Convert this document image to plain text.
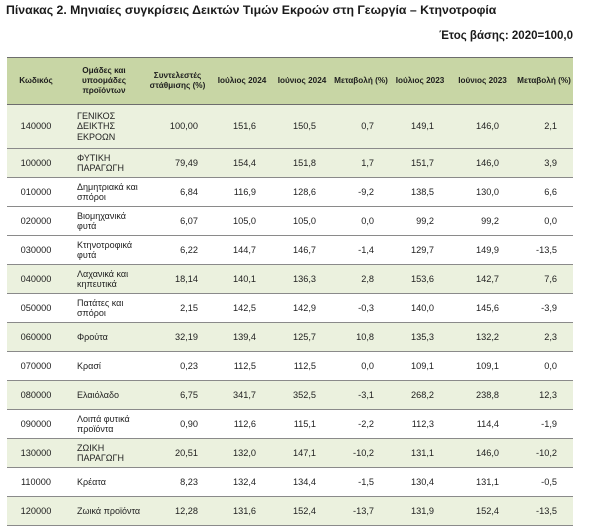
Πίνακας 2. Μηνιαίες συγκρίσεις Δεικτών Τιμών Εκροών στη Γεωργία – Κτηνοτροφία
Έτος βάσης: 2020=100,0
Κωδικός	Ομάδες και υποομάδες προϊόντων	Συντελεστές στάθμισης (%)	Ιούλιος 2024	Ιούνιος 2024	Μεταβολή (%)	Ιούλιος 2023	Ιούνιος 2023	Μεταβολή (%)
140000	ΓΕΝΙΚΟΣ ΔΕΙΚΤΗΣ ΕΚΡΟΩΝ	100,00	151,6	150,5	0,7	149,1	146,0	2,1
100000	ΦΥΤΙΚΗ ΠΑΡΑΓΩΓΗ	79,49	154,4	151,8	1,7	151,7	146,0	3,9
010000	Δημητριακά και σπόροι	6,84	116,9	128,6	-9,2	138,5	130,0	6,6
020000	Βιομηχανικά φυτά	6,07	105,0	105,0	0,0	99,2	99,2	0,0
030000	Κτηνοτροφικά φυτά	6,22	144,7	146,7	-1,4	129,7	149,9	-13,5
040000	Λαχανικά και κηπευτικά	18,14	140,1	136,3	2,8	153,6	142,7	7,6
050000	Πατάτες και σπόροι	2,15	142,5	142,9	-0,3	140,0	145,6	-3,9
060000	Φρούτα	32,19	139,4	125,7	10,8	135,3	132,2	2,3
070000	Κρασί	0,23	112,5	112,5	0,0	109,1	109,1	0,0
080000	Ελαιόλαδο	6,75	341,7	352,5	-3,1	268,2	238,8	12,3
090000	Λοιπά φυτικά προϊόντα	0,90	112,6	115,1	-2,2	112,3	114,4	-1,9
130000	ΖΩΙΚΗ ΠΑΡΑΓΩΓΗ	20,51	132,0	147,1	-10,2	131,1	146,0	-10,2
110000	Κρέατα	8,23	132,4	134,4	-1,5	130,4	131,1	-0,5
120000	Ζωικά προϊόντα	12,28	131,6	152,4	-13,7	131,9	152,4	-13,5
